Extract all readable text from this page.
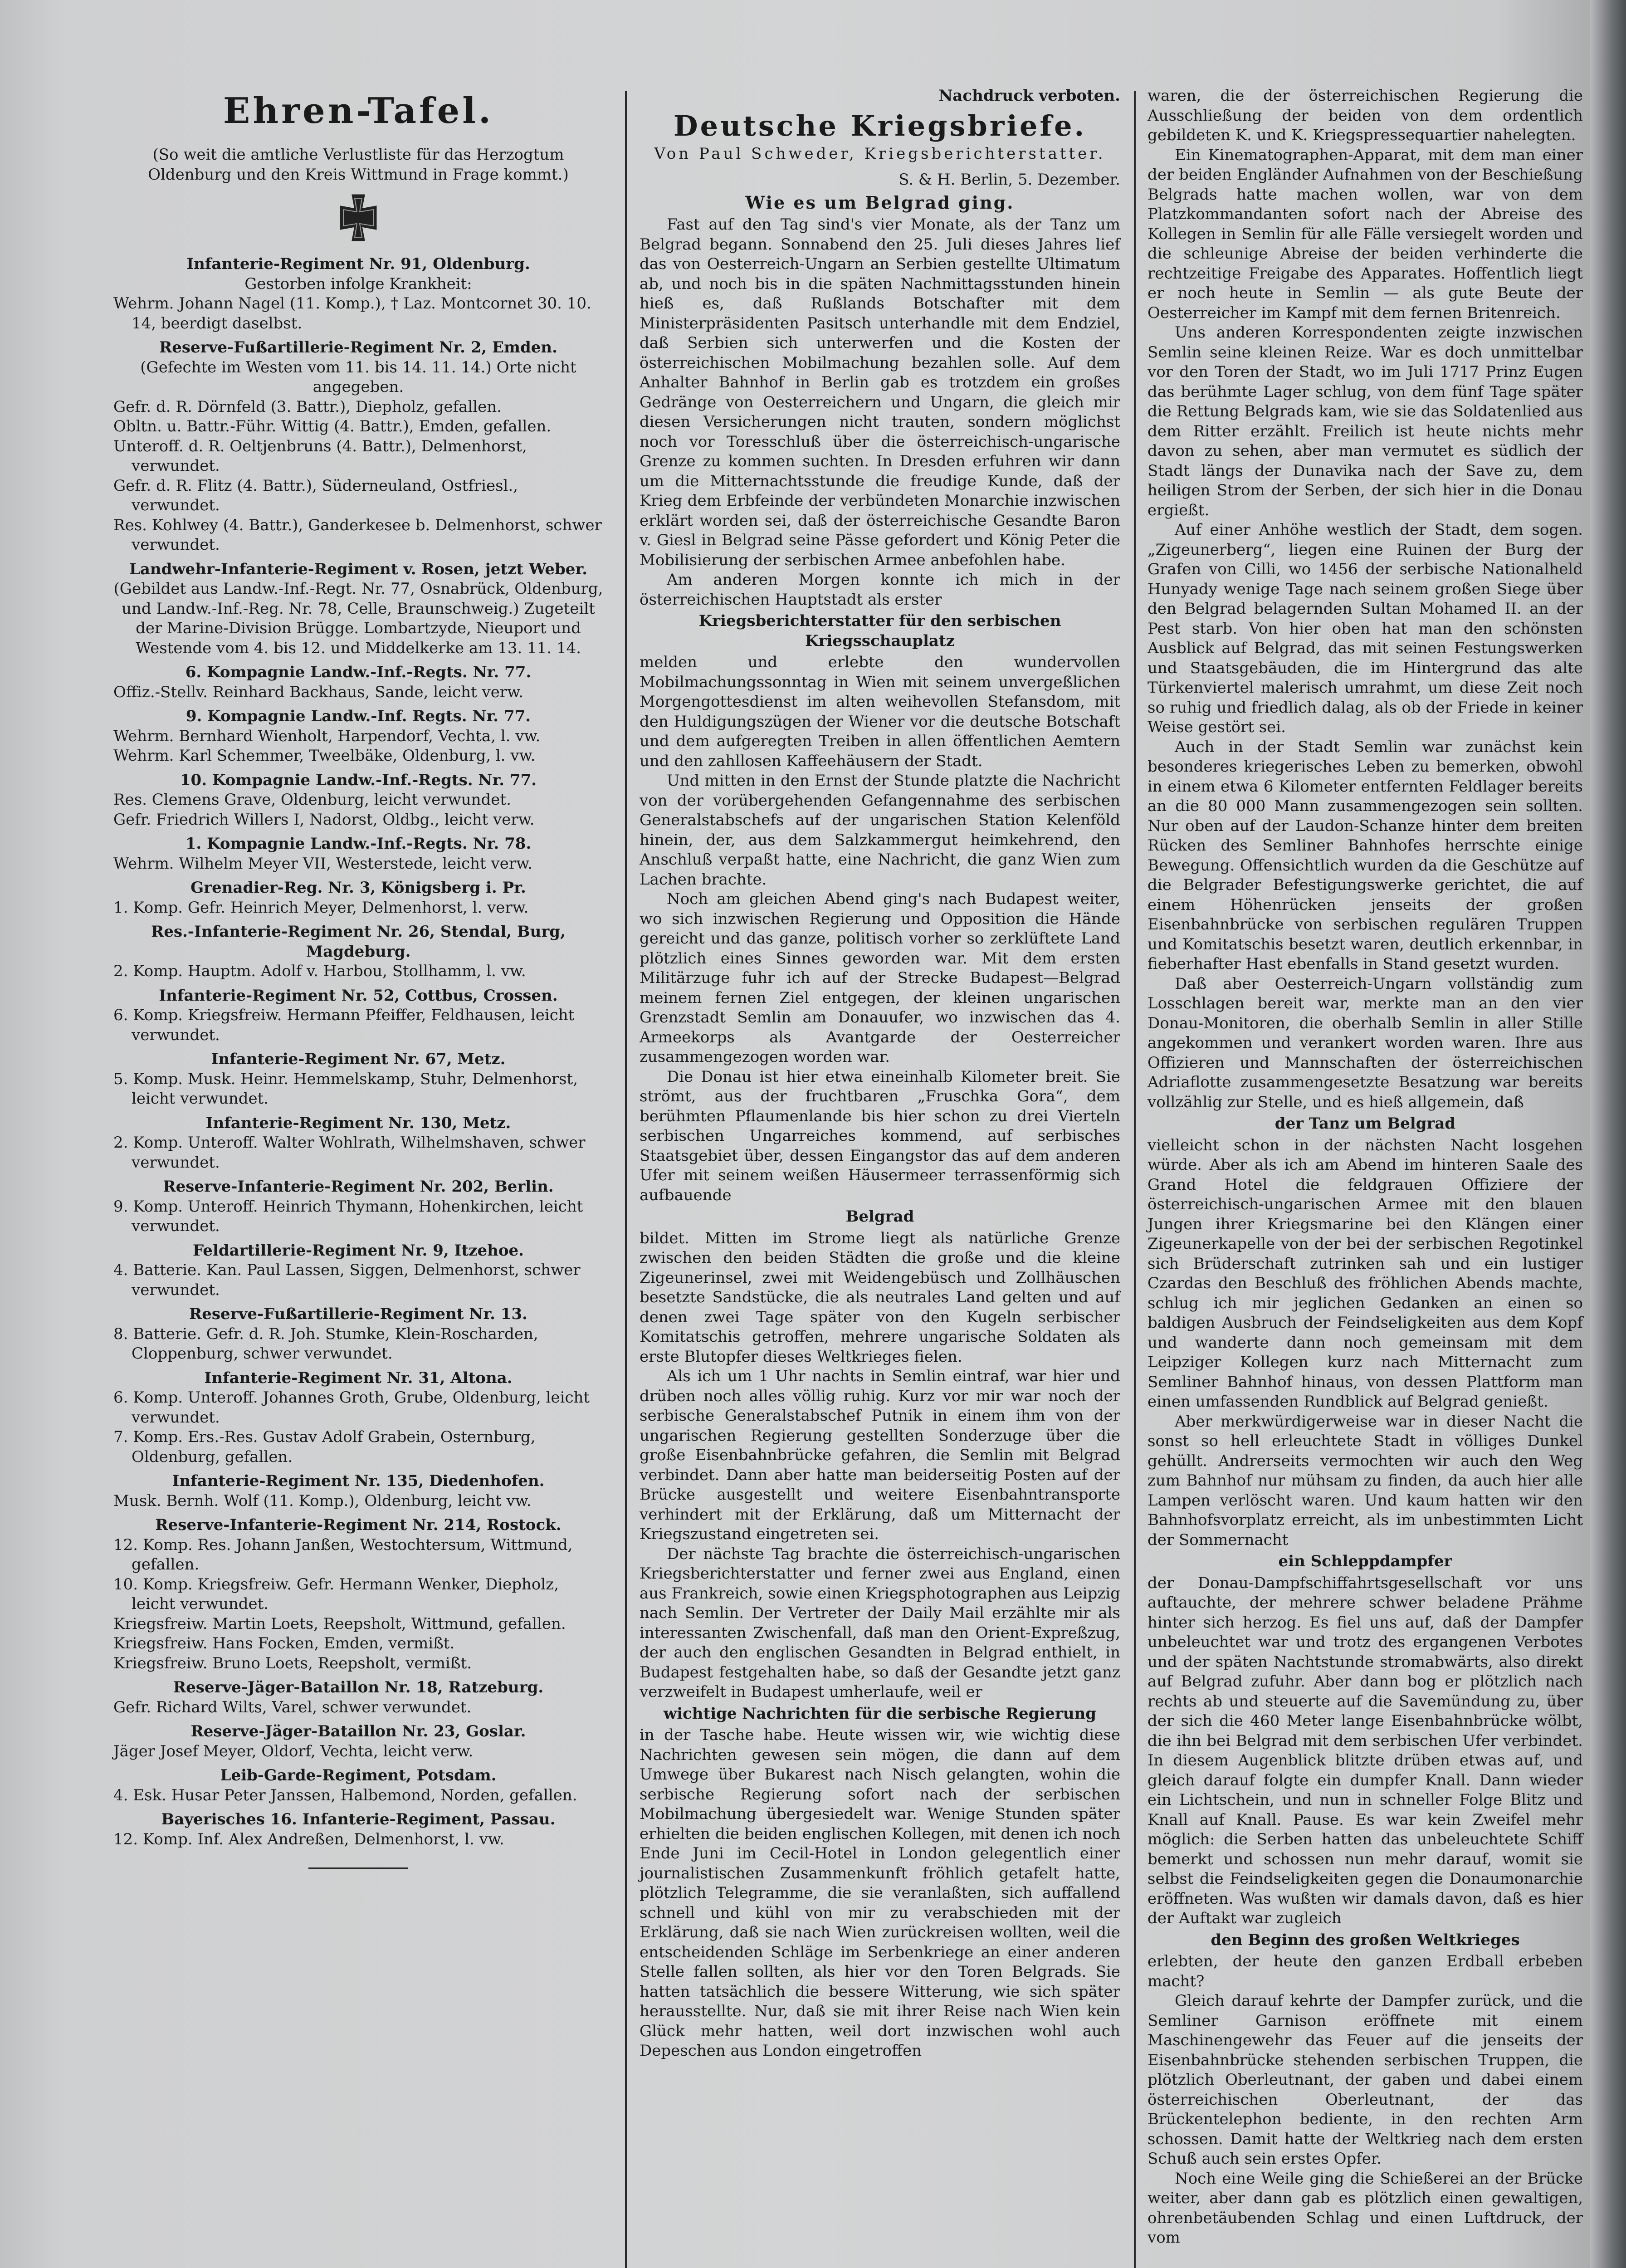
Ehren-Tafel.
(So weit die amtliche Verlustliste für das Herzogtum Oldenburg und den Kreis Wittmund in Frage kommt.)
Infanterie-Regiment Nr. 91, Oldenburg.
Gestorben infolge Krankheit:

Wehrm. Johann Nagel (11. Komp.), † Laz. Montcornet 30. 10. 14, beerdigt daselbst.

Reserve-Fußartillerie-Regiment Nr. 2, Emden.
(Gefechte im Westen vom 11. bis 14. 11. 14.) Orte nicht angegeben.

Gefr. d. R. Dörnfeld (3. Battr.), Diepholz, gefallen.

Obltn. u. Battr.-Führ. Wittig (4. Battr.), Emden, gefallen.

Unteroff. d. R. Oeltjenbruns (4. Battr.), Delmenhorst, verwundet.

Gefr. d. R. Flitz (4. Battr.), Süderneuland, Ostfriesl., verwundet.

Res. Kohlwey (4. Battr.), Ganderkesee b. Delmenhorst, schwer verwundet.

Landwehr-Infanterie-Regiment v. Rosen, jetzt Weber.
(Gebildet aus Landw.-Inf.-Regt. Nr. 77, Osnabrück, Oldenburg, und Landw.-Inf.-Reg. Nr. 78, Celle, Braunschweig.) Zugeteilt der Marine-Division Brügge. Lombartzyde, Nieuport und Westende vom 4. bis 12. und Middelkerke am 13. 11. 14.
6. Kompagnie Landw.-Inf.-Regts. Nr. 77.

Offiz.-Stellv. Reinhard Backhaus, Sande, leicht verw.

9. Kompagnie Landw.-Inf. Regts. Nr. 77.

Wehrm. Bernhard Wienholt, Harpendorf, Vechta, l. vw.

Wehrm. Karl Schemmer, Tweelbäke, Oldenburg, l. vw.

10. Kompagnie Landw.-Inf.-Regts. Nr. 77.

Res. Clemens Grave, Oldenburg, leicht verwundet.

Gefr. Friedrich Willers I, Nadorst, Oldbg., leicht verw.

1. Kompagnie Landw.-Inf.-Regts. Nr. 78.

Wehrm. Wilhelm Meyer VII, Westerstede, leicht verw.

Grenadier-Reg. Nr. 3, Königsberg i. Pr.

1. Komp. Gefr. Heinrich Meyer, Delmenhorst, l. verw.

Res.-Infanterie-Regiment Nr. 26, Stendal, Burg, Magdeburg.

2. Komp. Hauptm. Adolf v. Harbou, Stollhamm, l. vw.

Infanterie-Regiment Nr. 52, Cottbus, Crossen.

6. Komp. Kriegsfreiw. Hermann Pfeiffer, Feldhausen, leicht verwundet.

Infanterie-Regiment Nr. 67, Metz.

5. Komp. Musk. Heinr. Hemmelskamp, Stuhr, Delmenhorst, leicht verwundet.

Infanterie-Regiment Nr. 130, Metz.

2. Komp. Unteroff. Walter Wohlrath, Wilhelmshaven, schwer verwundet.

Reserve-Infanterie-Regiment Nr. 202, Berlin.

9. Komp. Unteroff. Heinrich Thymann, Hohenkirchen, leicht verwundet.

Feldartillerie-Regiment Nr. 9, Itzehoe.

4. Batterie. Kan. Paul Lassen, Siggen, Delmenhorst, schwer verwundet.

Reserve-Fußartillerie-Regiment Nr. 13.

8. Batterie. Gefr. d. R. Joh. Stumke, Klein-Roscharden, Cloppenburg, schwer verwundet.

Infanterie-Regiment Nr. 31, Altona.

6. Komp. Unteroff. Johannes Groth, Grube, Oldenburg, leicht verwundet.

7. Komp. Ers.-Res. Gustav Adolf Grabein, Osternburg, Oldenburg, gefallen.

Infanterie-Regiment Nr. 135, Diedenhofen.

Musk. Bernh. Wolf (11. Komp.), Oldenburg, leicht vw.

Reserve-Infanterie-Regiment Nr. 214, Rostock.

12. Komp. Res. Johann Janßen, Westochtersum, Wittmund, gefallen.

10. Komp. Kriegsfreiw. Gefr. Hermann Wenker, Diepholz, leicht verwundet.

Kriegsfreiw. Martin Loets, Reepsholt, Wittmund, gefallen.

Kriegsfreiw. Hans Focken, Emden, vermißt.

Kriegsfreiw. Bruno Loets, Reepsholt, vermißt.

Reserve-Jäger-Bataillon Nr. 18, Ratzeburg.

Gefr. Richard Wilts, Varel, schwer verwundet.

Reserve-Jäger-Bataillon Nr. 23, Goslar.

Jäger Josef Meyer, Oldorf, Vechta, leicht verw.

Leib-Garde-Regiment, Potsdam.

4. Esk. Husar Peter Janssen, Halbemond, Norden, gefallen.

Bayerisches 16. Infanterie-Regiment, Passau.

12. Komp. Inf. Alex Andreßen, Delmenhorst, l. vw.

Nachdruck verboten.
Deutsche Kriegsbriefe.
Von Paul Schweder, Kriegsberichterstatter.
S. & H. Berlin, 5. Dezember.
Wie es um Belgrad ging.

Fast auf den Tag sind's vier Monate, als der Tanz um Belgrad begann. Sonnabend den 25. Juli dieses Jahres lief das von Oesterreich-Ungarn an Serbien gestellte Ultimatum ab, und noch bis in die späten Nachmittagsstunden hinein hieß es, daß Rußlands Botschafter mit dem Ministerpräsidenten Pasitsch unterhandle mit dem Endziel, daß Serbien sich unterwerfen und die Kosten der österreichischen Mobilmachung bezahlen solle. Auf dem Anhalter Bahnhof in Berlin gab es trotzdem ein großes Gedränge von Oesterreichern und Ungarn, die gleich mir diesen Versicherungen nicht trauten, sondern möglichst noch vor Toresschluß über die österreichisch-ungarische Grenze zu kommen suchten. In Dresden erfuhren wir dann um die Mitternachtsstunde die freudige Kunde, daß der Krieg dem Erbfeinde der verbündeten Monarchie inzwischen erklärt worden sei, daß der österreichische Gesandte Baron v. Giesl in Belgrad seine Pässe gefordert und König Peter die Mobilisierung der serbischen Armee anbefohlen habe.

Am anderen Morgen konnte ich mich in der österreichischen Hauptstadt als erster

Kriegsberichterstatter für den serbischen Kriegsschauplatz

melden und erlebte den wundervollen Mobilmachungssonntag in Wien mit seinem unvergeßlichen Morgengottesdienst im alten weihevollen Stefansdom, mit den Huldigungszügen der Wiener vor die deutsche Botschaft und dem aufgeregten Treiben in allen öffentlichen Aemtern und den zahllosen Kaffeehäusern der Stadt.

Und mitten in den Ernst der Stunde platzte die Nachricht von der vorübergehenden Gefangennahme des serbischen Generalstabschefs auf der ungarischen Station Kelenföld hinein, der, aus dem Salzkammergut heimkehrend, den Anschluß verpaßt hatte, eine Nachricht, die ganz Wien zum Lachen brachte.

Noch am gleichen Abend ging's nach Budapest weiter, wo sich inzwischen Regierung und Opposition die Hände gereicht und das ganze, politisch vorher so zerklüftete Land plötzlich eines Sinnes geworden war. Mit dem ersten Militärzuge fuhr ich auf der Strecke Budapest—Belgrad meinem fernen Ziel entgegen, der kleinen ungarischen Grenzstadt Semlin am Donauufer, wo inzwischen das 4. Armeekorps als Avantgarde der Oesterreicher zusammengezogen worden war.

Die Donau ist hier etwa eineinhalb Kilometer breit. Sie strömt, aus der fruchtbaren „Fruschka Gora“, dem berühmten Pflaumenlande bis hier schon zu drei Vierteln serbischen Ungarreiches kommend, auf serbisches Staatsgebiet über, dessen Eingangstor das auf dem anderen Ufer mit seinem weißen Häusermeer terrassenförmig sich aufbauende

Belgrad

bildet. Mitten im Strome liegt als natürliche Grenze zwischen den beiden Städten die große und die kleine Zigeunerinsel, zwei mit Weidengebüsch und Zollhäuschen besetzte Sandstücke, die als neutrales Land gelten und auf denen zwei Tage später von den Kugeln serbischer Komitatschis getroffen, mehrere ungarische Soldaten als erste Blutopfer dieses Weltkrieges fielen.

Als ich um 1 Uhr nachts in Semlin eintraf, war hier und drüben noch alles völlig ruhig. Kurz vor mir war noch der serbische Generalstabschef Putnik in einem ihm von der ungarischen Regierung gestellten Sonderzuge über die große Eisenbahnbrücke gefahren, die Semlin mit Belgrad verbindet. Dann aber hatte man beiderseitig Posten auf der Brücke ausgestellt und weitere Eisenbahntransporte verhindert mit der Erklärung, daß um Mitternacht der Kriegszustand eingetreten sei.

Der nächste Tag brachte die österreichisch-ungarischen Kriegsberichterstatter und ferner zwei aus England, einen aus Frankreich, sowie einen Kriegsphotographen aus Leipzig nach Semlin. Der Vertreter der Daily Mail erzählte mir als interessanten Zwischenfall, daß man den Orient-Expreßzug, der auch den englischen Gesandten in Belgrad enthielt, in Budapest festgehalten habe, so daß der Gesandte jetzt ganz verzweifelt in Budapest umherlaufe, weil er

wichtige Nachrichten für die serbische Regierung

in der Tasche habe. Heute wissen wir, wie wichtig diese Nachrichten gewesen sein mögen, die dann auf dem Umwege über Bukarest nach Nisch gelangten, wohin die serbische Regierung sofort nach der serbischen Mobilmachung übergesiedelt war. Wenige Stunden später erhielten die beiden englischen Kollegen, mit denen ich noch Ende Juni im Cecil-Hotel in London gelegentlich einer journalistischen Zusammenkunft fröhlich getafelt hatte, plötzlich Telegramme, die sie veranlaßten, sich auffallend schnell und kühl von mir zu verabschieden mit der Erklärung, daß sie nach Wien zurückreisen wollten, weil die entscheidenden Schläge im Serbenkriege an einer anderen Stelle fallen sollten, als hier vor den Toren Belgrads. Sie hatten tatsächlich die bessere Witterung, wie sich später herausstellte. Nur, daß sie mit ihrer Reise nach Wien kein Glück mehr hatten, weil dort inzwischen wohl auch Depeschen aus London eingetroffen

waren, die der österreichischen Regierung die Ausschließung der beiden von dem ordentlich gebildeten K. und K. Kriegspressequartier nahelegten.

Ein Kinematographen-Apparat, mit dem man einer der beiden Engländer Aufnahmen von der Beschießung Belgrads hatte machen wollen, war von dem Platzkommandanten sofort nach der Abreise des Kollegen in Semlin für alle Fälle versiegelt worden und die schleunige Abreise der beiden verhinderte die rechtzeitige Freigabe des Apparates. Hoffentlich liegt er noch heute in Semlin — als gute Beute der Oesterreicher im Kampf mit dem fernen Britenreich.

Uns anderen Korrespondenten zeigte inzwischen Semlin seine kleinen Reize. War es doch unmittelbar vor den Toren der Stadt, wo im Juli 1717 Prinz Eugen das berühmte Lager schlug, von dem fünf Tage später die Rettung Belgrads kam, wie sie das Soldatenlied aus dem Ritter erzählt. Freilich ist heute nichts mehr davon zu sehen, aber man vermutet es südlich der Stadt längs der Dunavika nach der Save zu, dem heiligen Strom der Serben, der sich hier in die Donau ergießt.

Auf einer Anhöhe westlich der Stadt, dem sogen. „Zigeunerberg“, liegen eine Ruinen der Burg der Grafen von Cilli, wo 1456 der serbische Nationalheld Hunyady wenige Tage nach seinem großen Siege über den Belgrad belagernden Sultan Mohamed II. an der Pest starb. Von hier oben hat man den schönsten Ausblick auf Belgrad, das mit seinen Festungswerken und Staatsgebäuden, die im Hintergrund das alte Türkenviertel malerisch umrahmt, um diese Zeit noch so ruhig und friedlich dalag, als ob der Friede in keiner Weise gestört sei.

Auch in der Stadt Semlin war zunächst kein besonderes kriegerisches Leben zu bemerken, obwohl in einem etwa 6 Kilometer entfernten Feldlager bereits an die 80 000 Mann zusammengezogen sein sollten. Nur oben auf der Laudon-Schanze hinter dem breiten Rücken des Semliner Bahnhofes herrschte einige Bewegung. Offensichtlich wurden da die Geschütze auf die Belgrader Befestigungswerke gerichtet, die auf einem Höhenrücken jenseits der großen Eisenbahnbrücke von serbischen regulären Truppen und Komitatschis besetzt waren, deutlich erkennbar, in fieberhafter Hast ebenfalls in Stand gesetzt wurden.

Daß aber Oesterreich-Ungarn vollständig zum Losschlagen bereit war, merkte man an den vier Donau-Monitoren, die oberhalb Semlin in aller Stille angekommen und verankert worden waren. Ihre aus Offizieren und Mannschaften der österreichischen Adriaflotte zusammengesetzte Besatzung war bereits vollzählig zur Stelle, und es hieß allgemein, daß

der Tanz um Belgrad

vielleicht schon in der nächsten Nacht losgehen würde. Aber als ich am Abend im hinteren Saale des Grand Hotel die feldgrauen Offiziere der österreichisch-ungarischen Armee mit den blauen Jungen ihrer Kriegsmarine bei den Klängen einer Zigeunerkapelle von der bei der serbischen Regotinkel sich Brüderschaft zutrinken sah und ein lustiger Czardas den Beschluß des fröhlichen Abends machte, schlug ich mir jeglichen Gedanken an einen so baldigen Ausbruch der Feindseligkeiten aus dem Kopf und wanderte dann noch gemeinsam mit dem Leipziger Kollegen kurz nach Mitternacht zum Semliner Bahnhof hinaus, von dessen Plattform man einen umfassenden Rundblick auf Belgrad genießt.

Aber merkwürdigerweise war in dieser Nacht die sonst so hell erleuchtete Stadt in völliges Dunkel gehüllt. Andrerseits vermochten wir auch den Weg zum Bahnhof nur mühsam zu finden, da auch hier alle Lampen verlöscht waren. Und kaum hatten wir den Bahnhofsvorplatz erreicht, als im unbestimmten Licht der Sommernacht

ein Schleppdampfer

der Donau-Dampfschiffahrtsgesellschaft vor uns auftauchte, der mehrere schwer beladene Prähme hinter sich herzog. Es fiel uns auf, daß der Dampfer unbeleuchtet war und trotz des ergangenen Verbotes und der späten Nachtstunde stromabwärts, also direkt auf Belgrad zufuhr. Aber dann bog er plötzlich nach rechts ab und steuerte auf die Savemündung zu, über der sich die 460 Meter lange Eisenbahnbrücke wölbt, die ihn bei Belgrad mit dem serbischen Ufer verbindet. In diesem Augenblick blitzte drüben etwas auf, und gleich darauf folgte ein dumpfer Knall. Dann wieder ein Lichtschein, und nun in schneller Folge Blitz und Knall auf Knall. Pause. Es war kein Zweifel mehr möglich: die Serben hatten das unbeleuchtete Schiff bemerkt und schossen nun mehr darauf, womit sie selbst die Feindseligkeiten gegen die Donaumonarchie eröffneten. Was wußten wir damals davon, daß es hier der Auftakt war zugleich

den Beginn des großen Weltkrieges

erlebten, der heute den ganzen Erdball erbeben macht?

Gleich darauf kehrte der Dampfer zurück, und die Semliner Garnison eröffnete mit einem Maschinengewehr das Feuer auf die jenseits der Eisenbahnbrücke stehenden serbischen Truppen, die plötzlich Oberleutnant, der gaben und dabei einem österreichischen Oberleutnant, der das Brückentelephon bediente, in den rechten Arm schossen. Damit hatte der Weltkrieg nach dem ersten Schuß auch sein erstes Opfer.

Noch eine Weile ging die Schießerei an der Brücke weiter, aber dann gab es plötzlich einen gewaltigen, ohrenbetäubenden Schlag und einen Luftdruck, der vom
